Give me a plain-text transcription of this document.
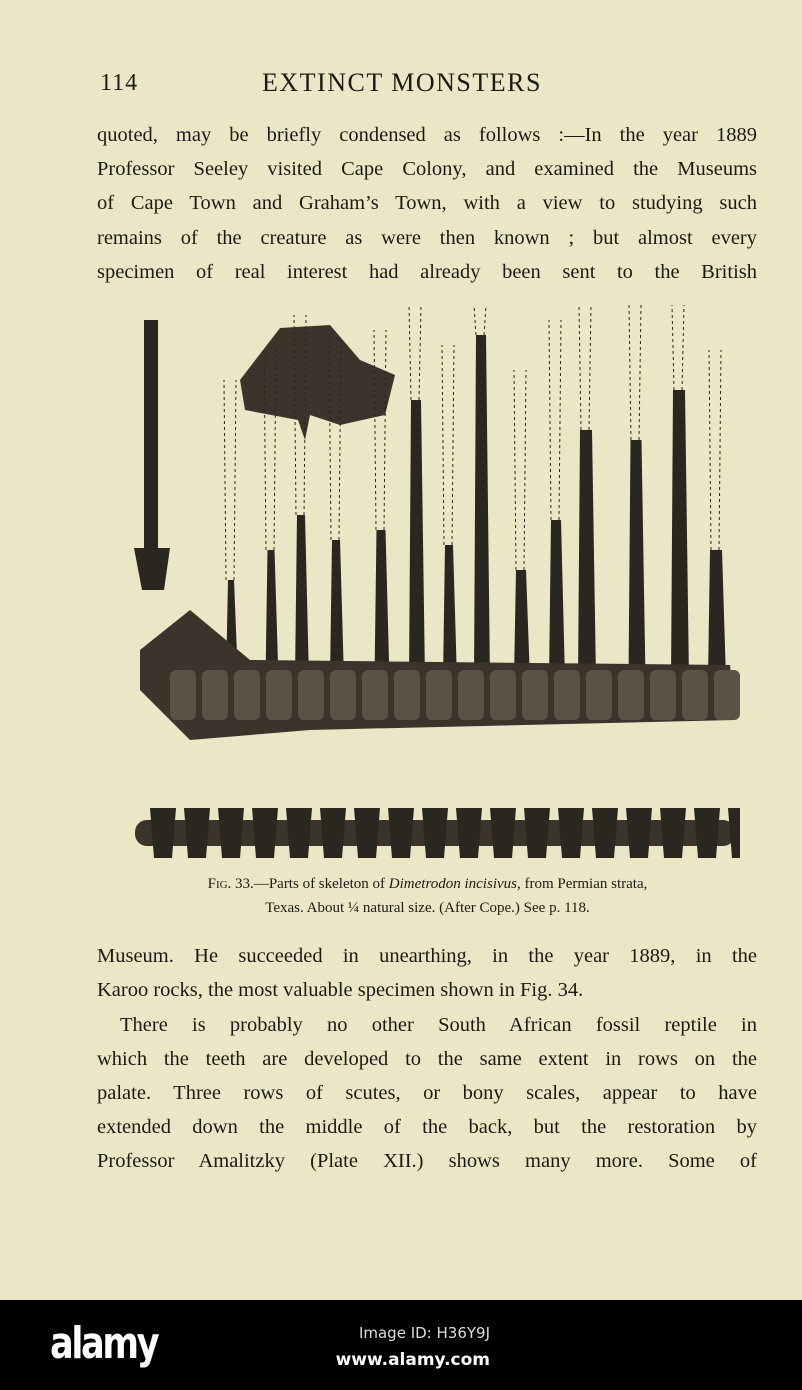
114	EXTINCT MONSTERS
quoted, may be briefly condensed as follows :—In the year 1889
Professor Seeley visited Cape Colony, and examined the Museums
of Cape Town and Graham’s Town, with a view to studying such
remains of the creature as were then known ; but almost every
specimen of real interest had already been sent to the British
Fig. 33.—Parts of skeleton of Dimetrodon incisivus, from Permian strata,
Texas. About ¼ natural size. (After Cope.) See p. 118.
Museum. He succeeded in unearthing, in the year 1889, in the
Karoo rocks, the most valuable specimen shown in Fig. 34.
There is probably no other South African fossil reptile in
which the teeth are developed to the same extent in rows on the
palate. Three rows of scutes, or bony scales, appear to have
extended down the middle of the back, but the restoration by
Professor Amalitzky (Plate XII.) shows many more. Some of
alamy	Image ID: H36Y9J
www.alamy.com
